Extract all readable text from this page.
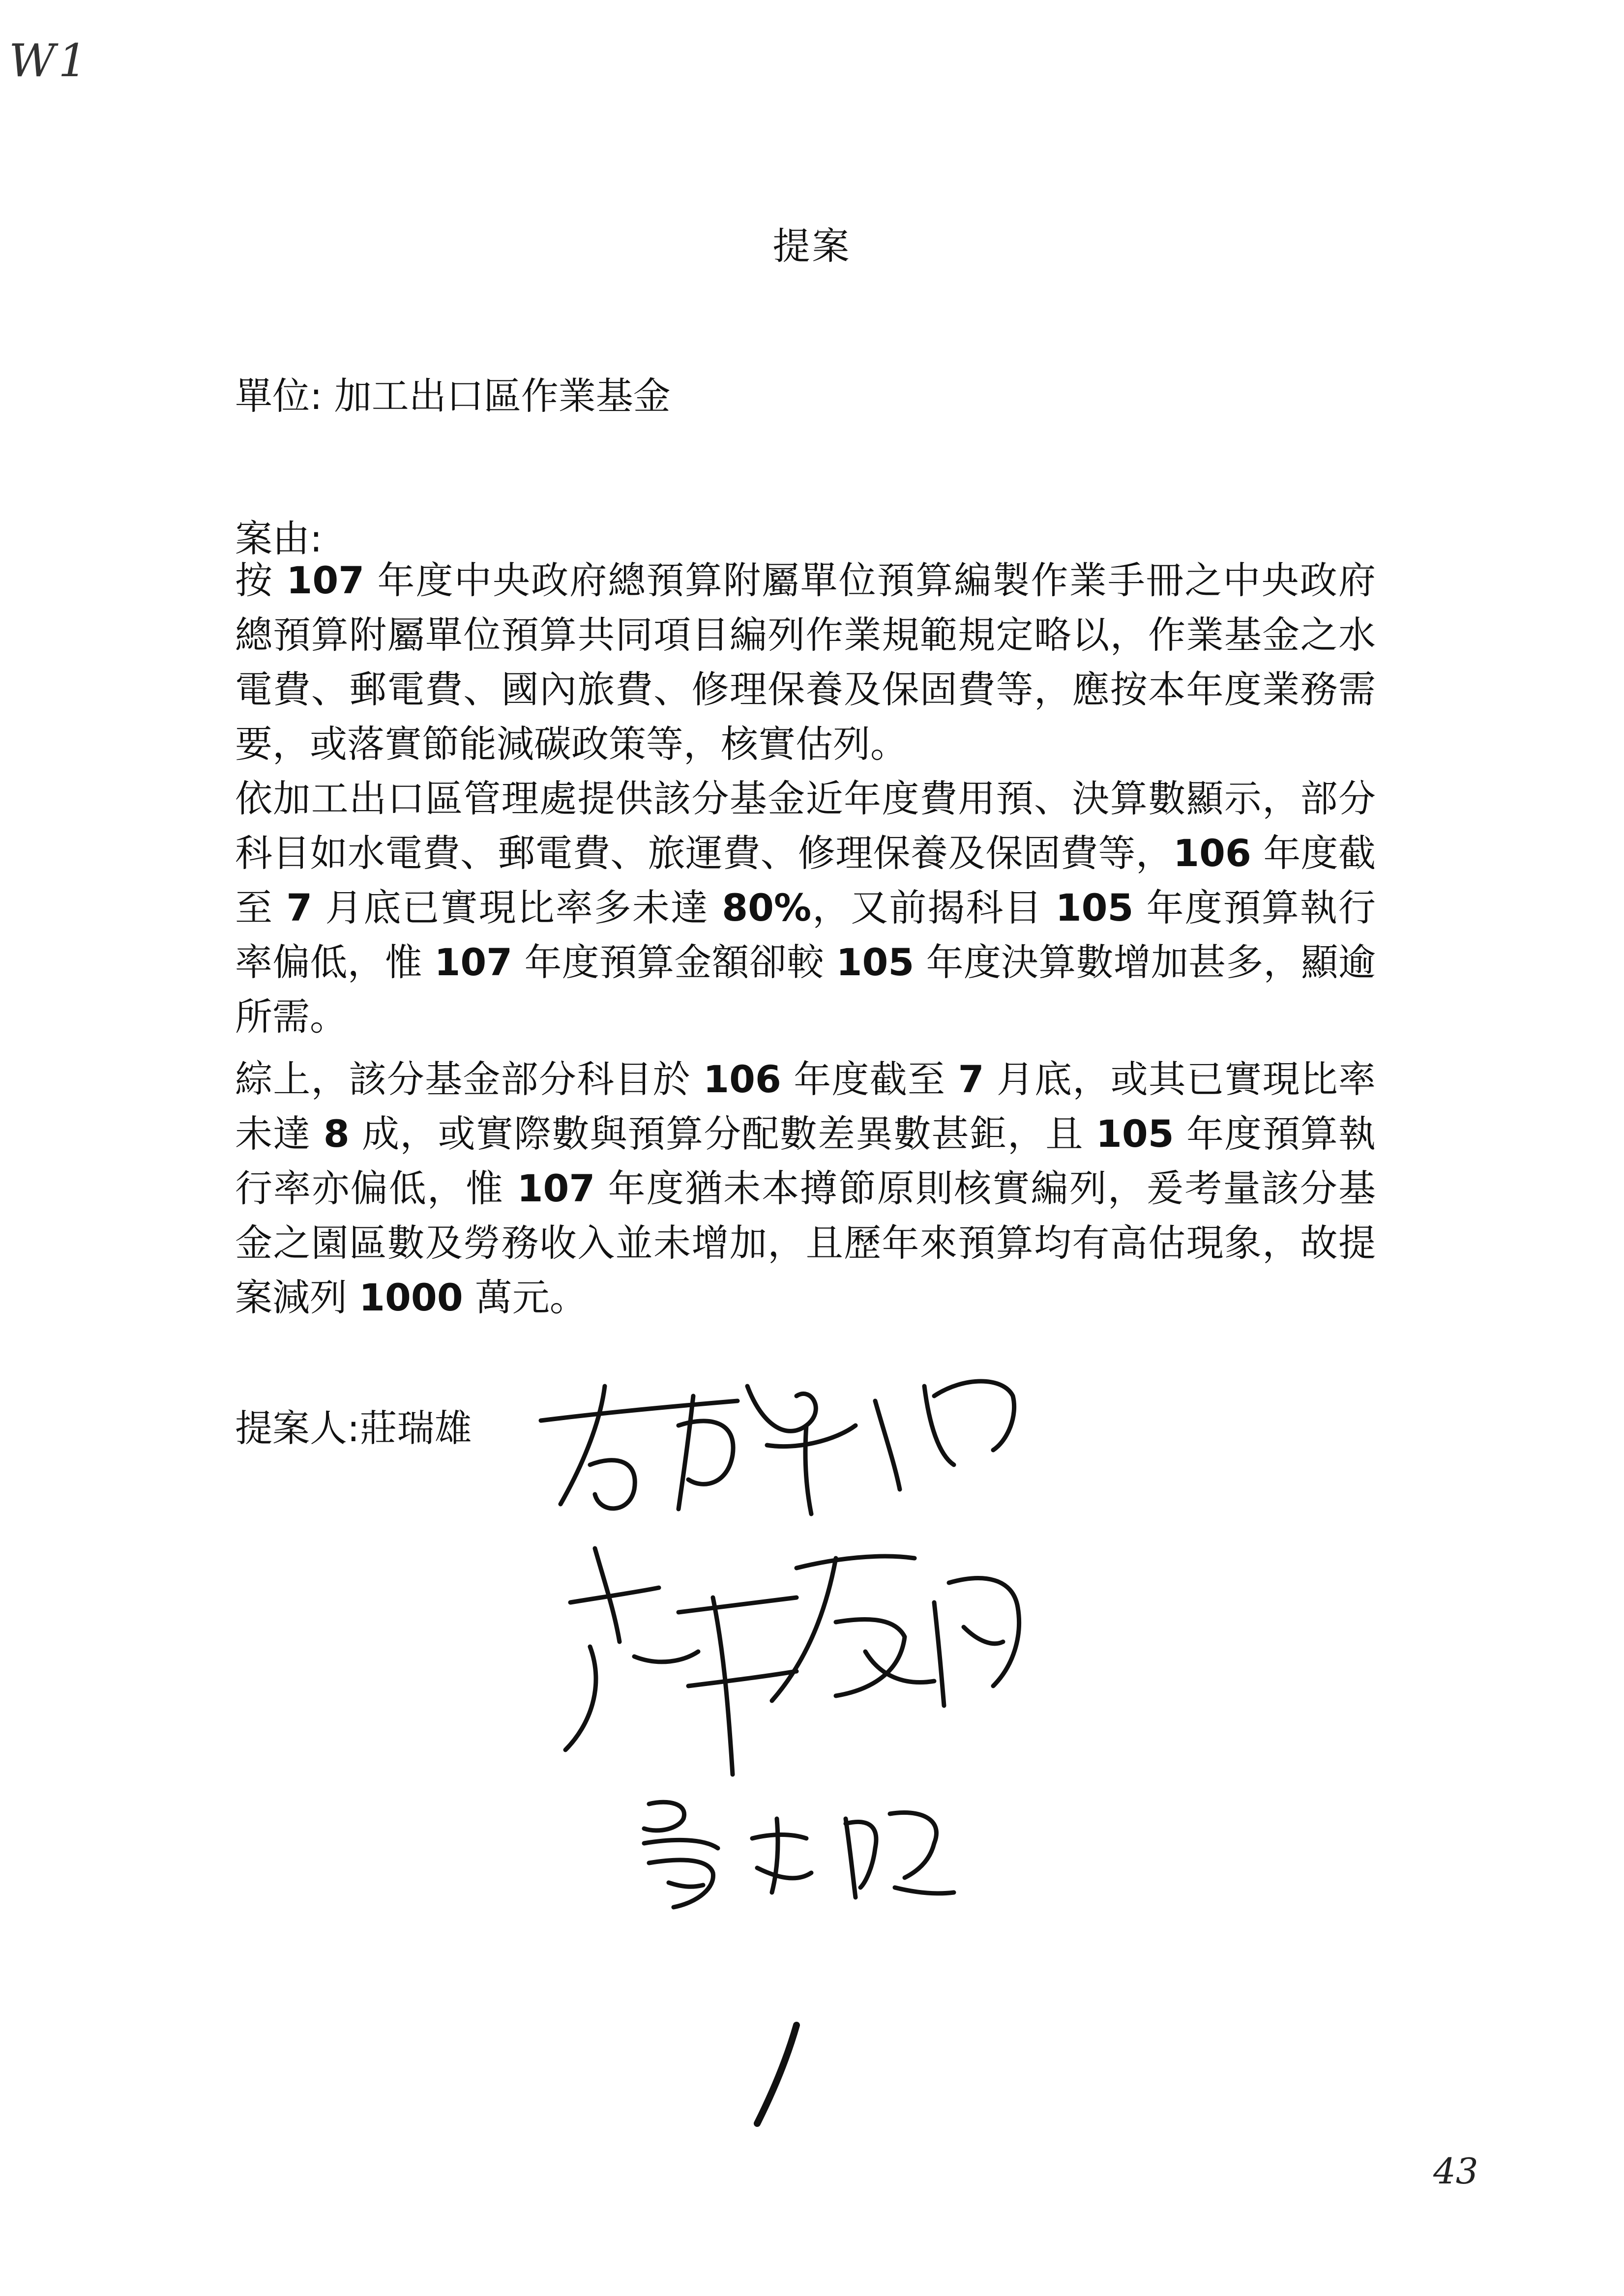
W1
提案
單位: 加工出口區作業基金
案由:

按 107 年度中央政府總預算附屬單位預算編製作業手冊之中央政府總預算附屬單位預算共同項目編列作業規範規定略以，作業基金之水電費、郵電費、國內旅費、修理保養及保固費等，應按本年度業務需要，或落實節能減碳政策等，核實估列。

依加工出口區管理處提供該分基金近年度費用預、決算數顯示，部分科目如水電費、郵電費、旅運費、修理保養及保固費等，106 年度截至 7 月底已實現比率多未達 80%，又前揭科目 105 年度預算執行率偏低，惟 107 年度預算金額卻較 105 年度決算數增加甚多，顯逾所需。

綜上，該分基金部分科目於 106 年度截至 7 月底，或其已實現比率未達 8 成，或實際數與預算分配數差異數甚鉅，且 105 年度預算執行率亦偏低，惟 107 年度猶未本撙節原則核實編列，爰考量該分基金之園區數及勞務收入並未增加，且歷年來預算均有高估現象，故提案減列 1000 萬元。

提案人:莊瑞雄
43
